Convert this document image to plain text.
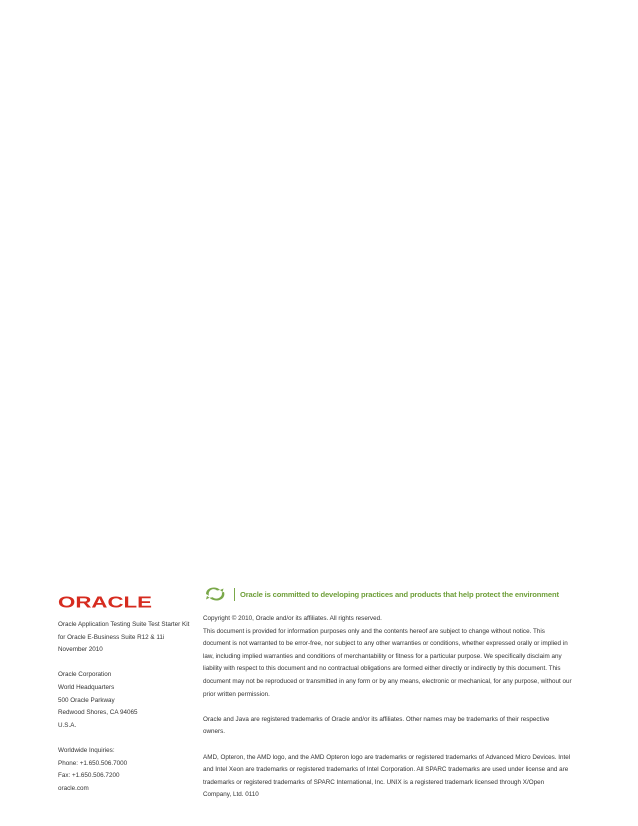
ORACLE
Oracle is committed to developing practices and products that help protect the environment
Oracle Application Testing Suite Test Starter Kit
for Oracle E-Business Suite R12 & 11i
November 2010
Oracle Corporation
World Headquarters
500 Oracle Parkway
Redwood Shores, CA 94065
U.S.A.
Worldwide Inquiries:
Phone: +1.650.506.7000
Fax: +1.650.506.7200
oracle.com

Copyright © 2010, Oracle and/or its affiliates. All rights reserved.

This document is provided for information purposes only and the contents hereof are subject to change without notice. This

document is not warranted to be error-free, nor subject to any other warranties or conditions, whether expressed orally or implied in

law, including implied warranties and conditions of merchantability or fitness for a particular purpose. We specifically disclaim any

liability with respect to this document and no contractual obligations are formed either directly or indirectly by this document. This

document may not be reproduced or transmitted in any form or by any means, electronic or mechanical, for any purpose, without our

prior written permission.

Oracle and Java are registered trademarks of Oracle and/or its affiliates. Other names may be trademarks of their respective

owners.

AMD, Opteron, the AMD logo, and the AMD Opteron logo are trademarks or registered trademarks of Advanced Micro Devices. Intel

and Intel Xeon are trademarks or registered trademarks of Intel Corporation. All SPARC trademarks are used under license and are

trademarks or registered trademarks of SPARC International, Inc. UNIX is a registered trademark licensed through X/Open

Company, Ltd. 0110
